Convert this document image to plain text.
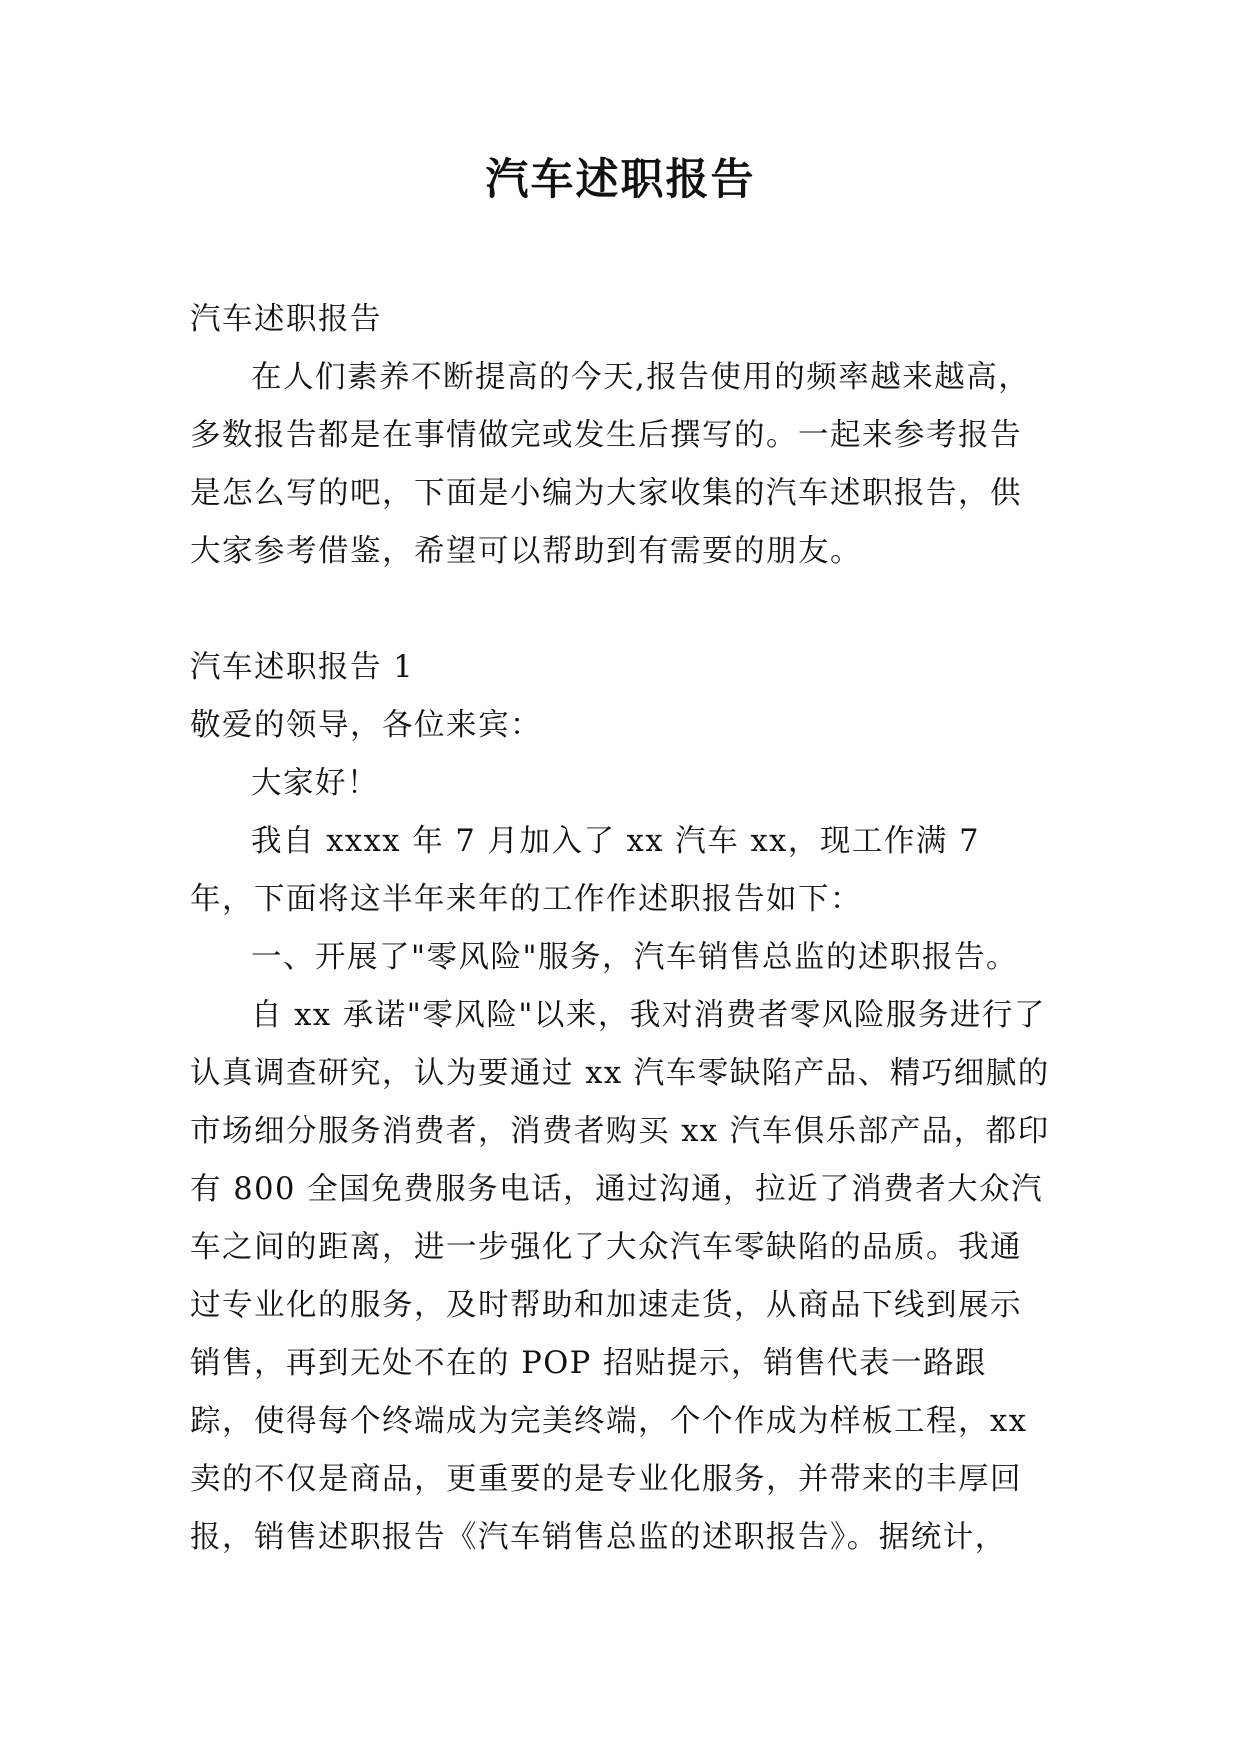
汽车述职报告

汽车述职报告

在人们素养不断提高的今天,报告使用的频率越来越高，多数报告都是在事情做完或发生后撰写的。一起来参考报告是怎么写的吧，下面是小编为大家收集的汽车述职报告，供大家参考借鉴，希望可以帮助到有需要的朋友。

汽车述职报告 1

敬爱的领导，各位来宾：

大家好！

我自 xxxx 年 7 月加入了 xx 汽车 xx，现工作满 7 年，下面将这半年来年的工作作述职报告如下：

一、开展了"零风险"服务，汽车销售总监的述职报告。

自 xx 承诺"零风险"以来，我对消费者零风险服务进行了认真调查研究，认为要通过 xx 汽车零缺陷产品、精巧细腻的市场细分服务消费者，消费者购买 xx 汽车俱乐部产品，都印有 800 全国免费服务电话，通过沟通，拉近了消费者大众汽车之间的距离，进一步强化了大众汽车零缺陷的品质。我通过专业化的服务，及时帮助和加速走货，从商品下线到展示销售，再到无处不在的 POP 招贴提示，销售代表一路跟踪，使得每个终端成为完美终端，个个作成为样板工程，xx 卖的不仅是商品，更重要的是专业化服务，并带来的丰厚回报，销售述职报告《汽车销售总监的述职报告》。据统计，
